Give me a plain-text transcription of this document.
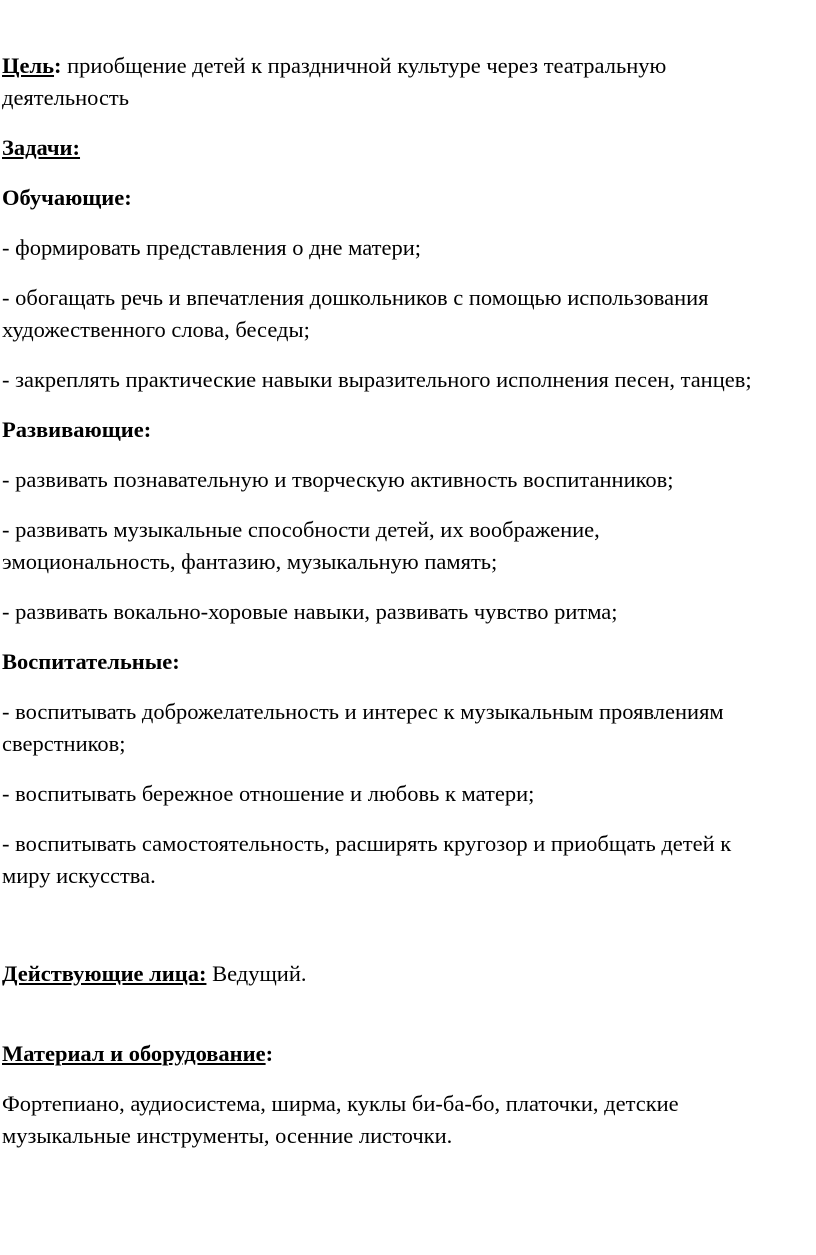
Цель: приобщение детей к праздничной культуре через театральную
деятельность
Задачи:
Обучающие:
- формировать представления о дне матери;
- обогащать речь и впечатления дошкольников с помощью использования
художественного слова, беседы;
- закреплять практические навыки выразительного исполнения песен, танцев;
Развивающие:
- развивать познавательную и творческую активность воспитанников;
- развивать музыкальные способности детей, их воображение,
эмоциональность, фантазию, музыкальную память;
- развивать вокально-хоровые навыки, развивать чувство ритма;
Воспитательные:
- воспитывать доброжелательность и интерес к музыкальным проявлениям
сверстников;
- воспитывать бережное отношение и любовь к матери;
- воспитывать самостоятельность, расширять кругозор и приобщать детей к
миру искусства.
Действующие лица: Ведущий.
Материал и оборудование:
Фортепиано, аудиосистема, ширма, куклы би-ба-бо, платочки, детские
музыкальные инструменты, осенние листочки.
